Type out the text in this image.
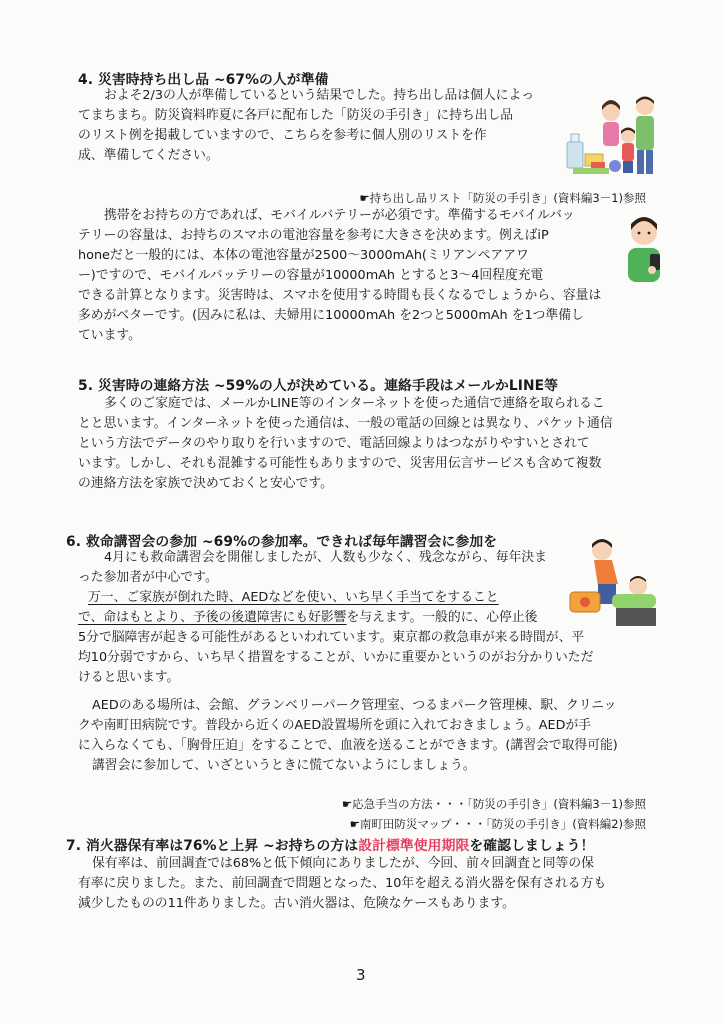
4. 災害時持ち出し品 ~67%の人が準備
およそ2/3の人が準備しているという結果でした。持ち出し品は個人によっ
てまちまち。防災資料昨夏に各戸に配布した「防災の手引き」に持ち出し品
のリスト例を掲載していますので、こちらを参考に個人別のリストを作
成、準備してください。
☛持ち出し品リスト「防災の手引き」(資料編3－1)参照
携帯をお持ちの方であれば、モバイルバテリーが必須です。準備するモバイルバッ
テリーの容量は、お持ちのスマホの電池容量を参考に大きさを決めます。例えばiP
honeだと一般的には、本体の電池容量が2500～3000mAh(ミリアンペアアワ
ー)ですので、モバイルバッテリーの容量が10000mAh とすると3～4回程度充電
できる計算となります。災害時は、スマホを使用する時間も長くなるでしょうから、容量は
多めがベターです。(因みに私は、夫婦用に10000mAh を2つと5000mAh を1つ準備し
ています。
5. 災害時の連絡方法 ~59%の人が決めている。連絡手段はメールかLINE等
多くのご家庭では、メールかLINE等のインターネットを使った通信で連絡を取られるこ
とと思います。インターネットを使った通信は、一般の電話の回線とは異なり、パケット通信
という方法でデータのやり取りを行いますので、電話回線よりはつながりやすいとされて
います。しかし、それも混雑する可能性もありますので、災害用伝言サービスも含めて複数
の連絡方法を家族で決めておくと安心です。
6. 救命講習会の参加 ~69%の参加率。できれば毎年講習会に参加を
4月にも救命講習会を開催しましたが、人数も少なく、残念ながら、毎年決ま
った参加者が中心です。
万一、ご家族が倒れた時、AEDなどを使い、いち早く手当てをすること
で、命はもとより、予後の後遺障害にも好影響を与えます。一般的に、心停止後
5分で脳障害が起きる可能性があるといわれています。東京都の救急車が来る時間が、平
均10分弱ですから、いち早く措置をすることが、いかに重要かというのがお分かりいただ
けると思います。
AEDのある場所は、会館、グランベリーパーク管理室、つるまパーク管理棟、駅、クリニッ
クや南町田病院です。普段から近くのAED設置場所を頭に入れておきましょう。AEDが手
に入らなくても、「胸骨圧迫」をすることで、血液を送ることができます。(講習会で取得可能)
講習会に参加して、いざというときに慌てないようにしましょう。
☛応急手当の方法・・・「防災の手引き」(資料編3－1)参照
☛南町田防災マップ・・・「防災の手引き」(資料編2)参照
7. 消火器保有率は76%と上昇 ~お持ちの方は設計標準使用期限を確認しましょう！
保有率は、前回調査では68%と低下傾向にありましたが、今回、前々回調査と同等の保
有率に戻りました。また、前回調査で問題となった、10年を超える消火器を保有される方も
減少したものの11件ありました。古い消火器は、危険なケースもあります。
3
